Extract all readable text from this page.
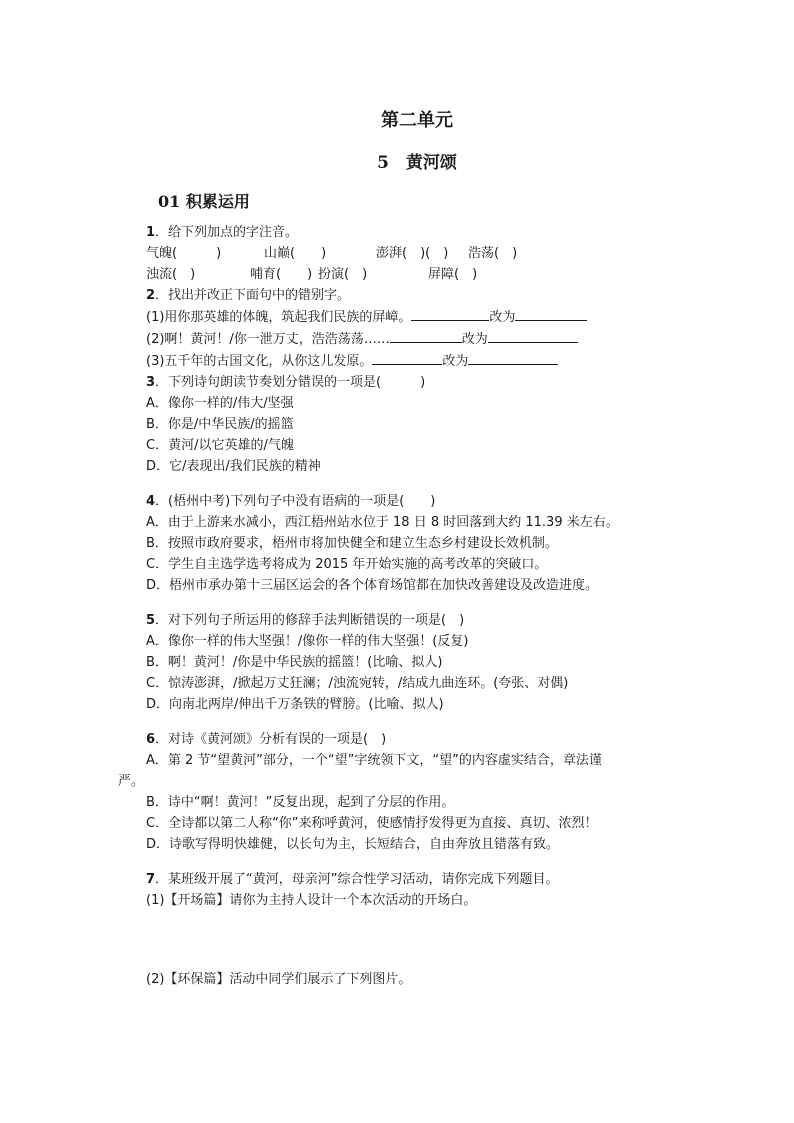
第二单元
5　黄河颂
01 积累运用
1．给下列加点的字注音。
气魄(　　　)	山巅(　　)	澎湃(　)(　) 浩荡(　)
浊流(　)	哺育(　　) 扮演(　)	屏障(　)
2．找出并改正下面句中的错别字。
(1)用你那英雄的体魄，筑起我们民族的屏嶂。	改为
(2)啊！黄河！/你一泄万丈，浩浩荡荡……	改为
(3)五千年的古国文化，从你这儿发原。	改为
3．下列诗句朗读节奏划分错误的一项是(　　　)
A．像你一样的/伟大/坚强
B．你是/中华民族/的摇篮
C．黄河/以它英雄的/气魄
D．它/表现出/我们民族的精神
4．(梧州中考)下列句子中没有语病的一项是(　　)
A．由于上游来水减小，西江梧州站水位于 18 日 8 时回落到大约 11.39 米左右。
B．按照市政府要求，梧州市将加快健全和建立生态乡村建设长效机制。
C．学生自主选学选考将成为 2015 年开始实施的高考改革的突破口。
D．梧州市承办第十三届区运会的各个体育场馆都在加快改善建设及改造进度。
5．对下列句子所运用的修辞手法判断错误的一项是(　)
A．像你一样的伟大坚强！/像你一样的伟大坚强！(反复)
B．啊！黄河！/你是中华民族的摇篮！(比喻、拟人)
C．惊涛澎湃，/掀起万丈狂澜；/浊流宛转，/结成九曲连环。(夸张、对偶)
D．向南北两岸/伸出千万条铁的臂膀。(比喻、拟人)
6．对诗《黄河颂》分析有误的一项是(　)
A．第 2 节“望黄河”部分，一个“望”字统领下文，“望”的内容虚实结合，章法谨
严。
B．诗中“啊！黄河！”反复出现，起到了分层的作用。
C．全诗都以第二人称“你”来称呼黄河，使感情抒发得更为直接、真切、浓烈！
D．诗歌写得明快雄健，以长句为主，长短结合，自由奔放且错落有致。
7．某班级开展了“黄河，母亲河”综合性学习活动，请你完成下列题目。
(1)【开场篇】请你为主持人设计一个本次活动的开场白。
(2)【环保篇】活动中同学们展示了下列图片。
